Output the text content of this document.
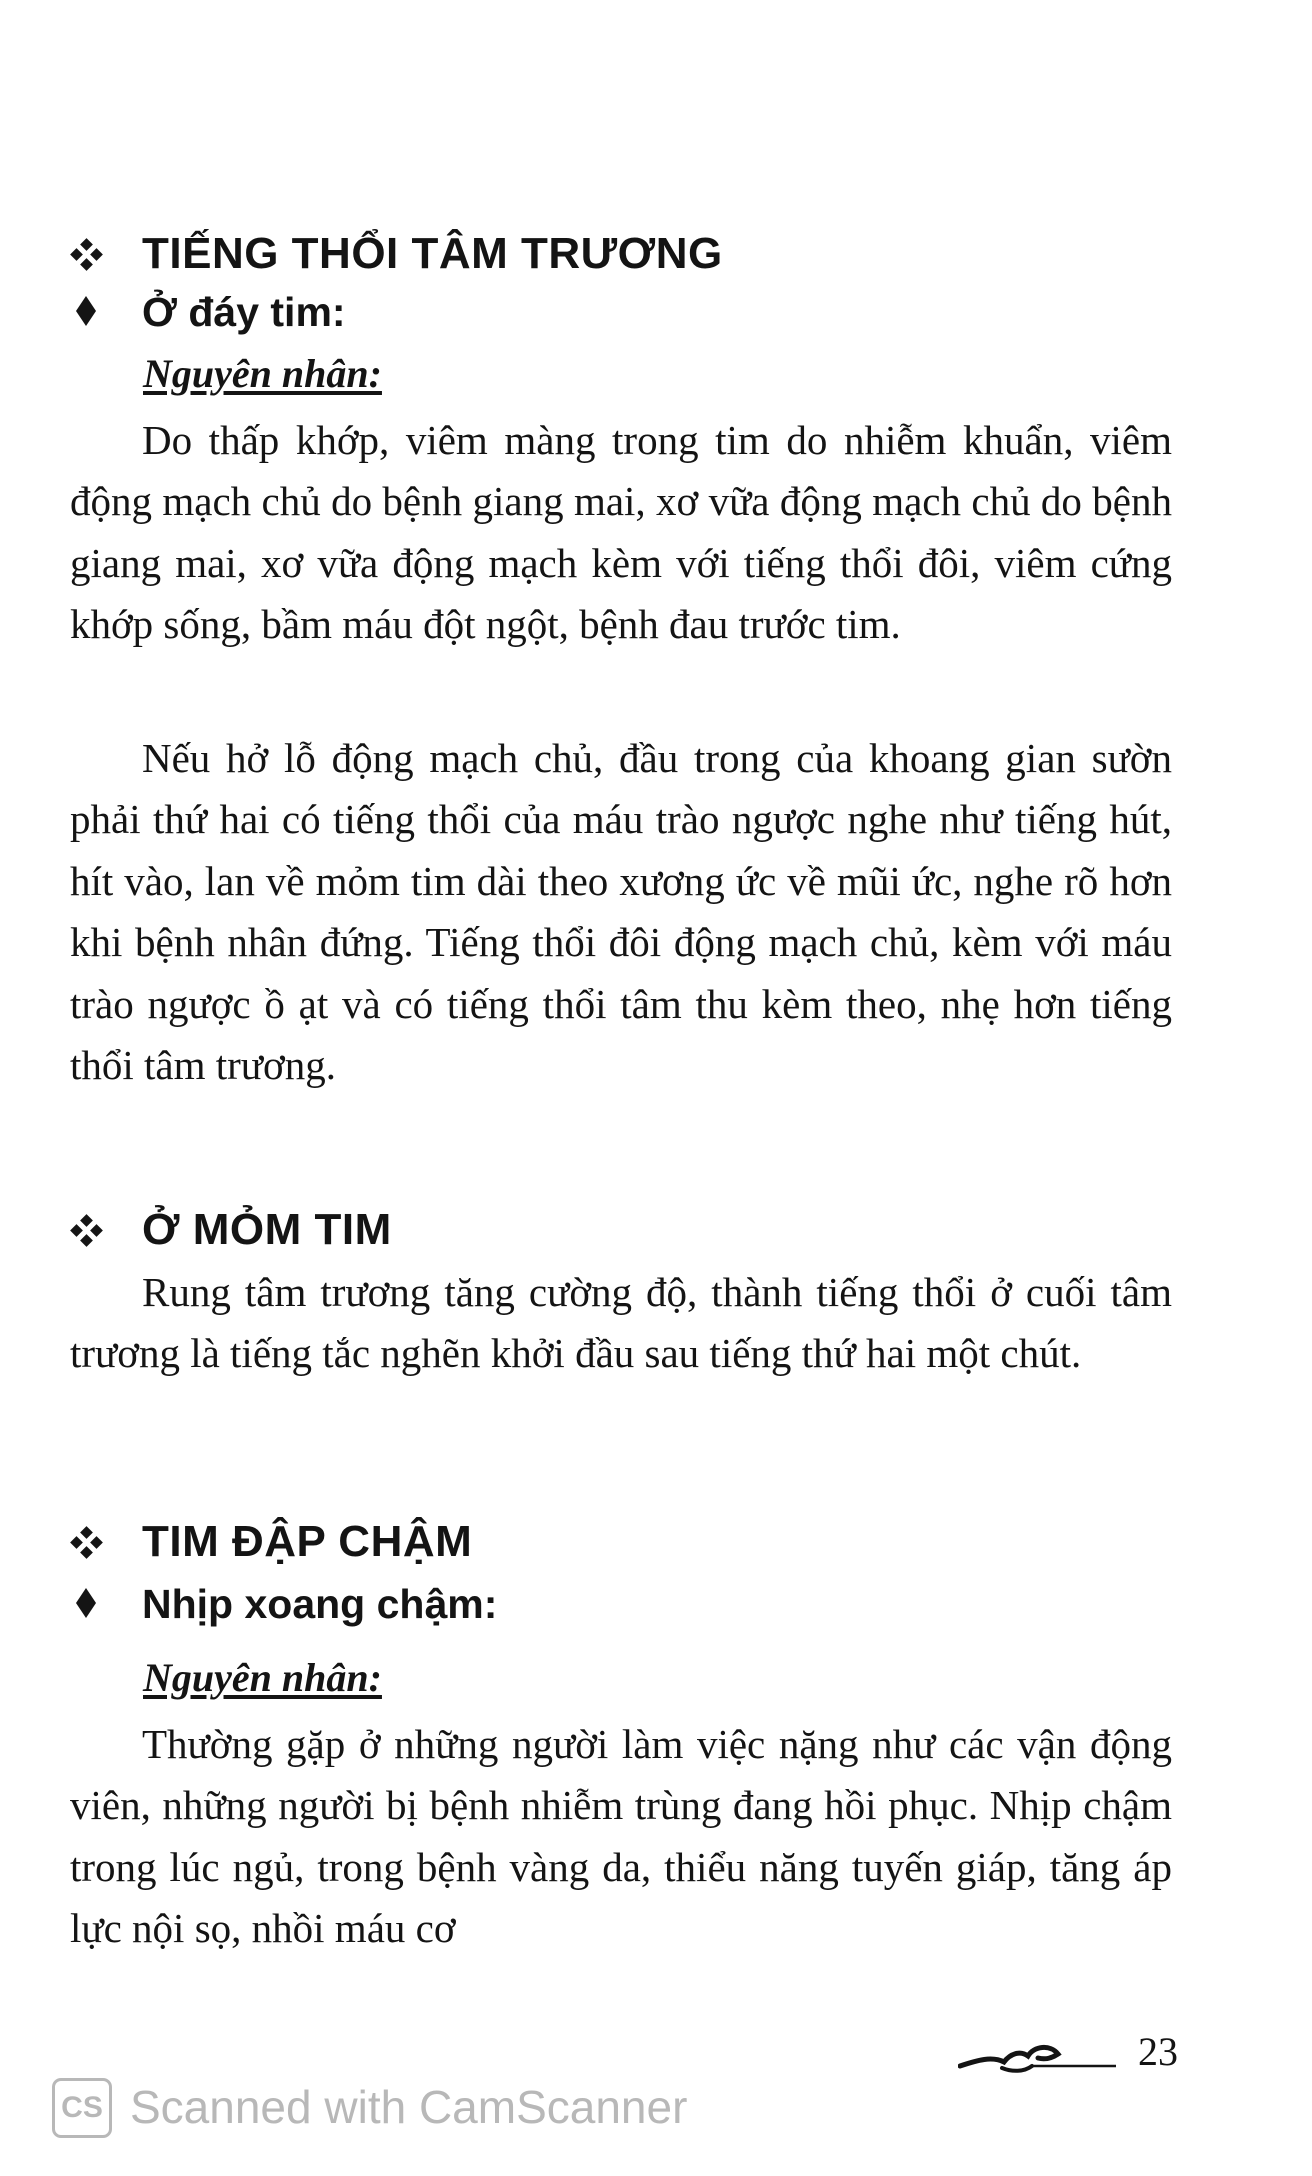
TIẾNG THỔI TÂM TRƯƠNG
Ở đáy tim:
Nguyên nhân:

Do thấp khớp, viêm màng trong tim do nhiễm khuẩn, viêm động mạch chủ do bệnh giang mai, xơ vữa động mạch chủ do bệnh giang mai, xơ vữa động mạch kèm với tiếng thổi đôi, viêm cứng khớp sống, bầm máu đột ngột, bệnh đau trước tim.

Nếu hở lỗ động mạch chủ, đầu trong của khoang gian sườn phải thứ hai có tiếng thổi của máu trào ngược nghe như tiếng hút, hít vào, lan về mỏm tim dài theo xương ức về mũi ức, nghe rõ hơn khi bệnh nhân đứng. Tiếng thổi đôi động mạch chủ, kèm với máu trào ngược ồ ạt và có tiếng thổi tâm thu kèm theo, nhẹ hơn tiếng thổi tâm trương.

Ở MỎM TIM

Rung tâm trương tăng cường độ, thành tiếng thổi ở cuối tâm trương là tiếng tắc nghẽn khởi đầu sau tiếng thứ hai một chút.

TIM ĐẬP CHẬM
Nhịp xoang chậm:
Nguyên nhân:

Thường gặp ở những người làm việc nặng như các vận động viên, những người bị bệnh nhiễm trùng đang hồi phục. Nhịp chậm trong lúc ngủ, trong bệnh vàng da, thiểu năng tuyến giáp, tăng áp lực nội sọ, nhồi máu cơ

23
CS Scanned with CamScanner
